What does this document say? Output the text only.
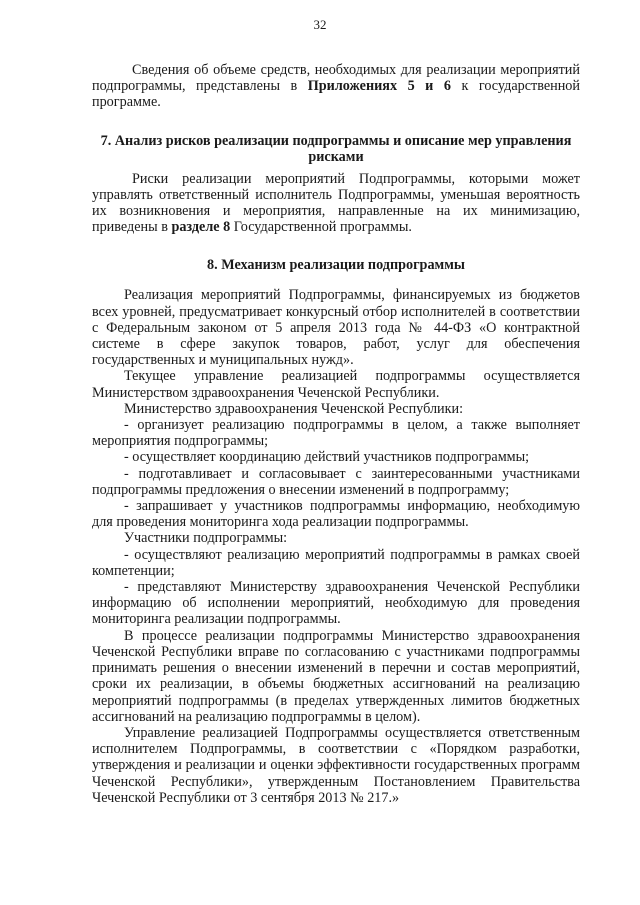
32

Сведения об объеме средств, необходимых для реализации мероприятий подпрограммы, представлены в Приложениях 5 и 6 к государственной программе.

7. Анализ рисков реализации подпрограммы и описание мер управления рисками

Риски реализации мероприятий Подпрограммы, которыми может управлять ответственный исполнитель Подпрограммы, уменьшая вероятность их возникновения и мероприятия, направленные на их минимизацию, приведены в разделе 8 Государственной программы.

8. Механизм реализации подпрограммы

Реализация мероприятий Подпрограммы, финансируемых из бюджетов всех уровней, предусматривает конкурсный отбор исполнителей в соответствии с Федеральным законом от 5 апреля 2013 года № 44-ФЗ «О контрактной системе в сфере закупок товаров, работ, услуг для обеспечения государственных и муниципальных нужд».

Текущее управление реализацией подпрограммы осуществляется Министерством здравоохранения Чеченской Республики.

Министерство здравоохранения Чеченской Республики:

- организует реализацию подпрограммы в целом, а также выполняет мероприятия подпрограммы;

- осуществляет координацию действий участников подпрограммы;

- подготавливает и согласовывает с заинтересованными участниками подпрограммы предложения о внесении изменений в подпрограмму;

- запрашивает у участников подпрограммы информацию, необходимую для проведения мониторинга хода реализации подпрограммы.

Участники подпрограммы:

- осуществляют реализацию мероприятий подпрограммы в рамках своей компетенции;

- представляют Министерству здравоохранения Чеченской Республики информацию об исполнении мероприятий, необходимую для проведения мониторинга реализации подпрограммы.

В процессе реализации подпрограммы Министерство здравоохранения Чеченской Республики вправе по согласованию с участниками подпрограммы принимать решения о внесении изменений в перечни и состав мероприятий, сроки их реализации, в объемы бюджетных ассигнований на реализацию мероприятий подпрограммы (в пределах утвержденных лимитов бюджетных ассигнований на реализацию подпрограммы в целом).

Управление реализацией Подпрограммы осуществляется ответственным исполнителем Подпрограммы, в соответствии с «Порядком разработки, утверждения и реализации и оценки эффективности государственных программ Чеченской Республики», утвержденным Постановлением Правительства Чеченской Республики от 3 сентября 2013 № 217.»
